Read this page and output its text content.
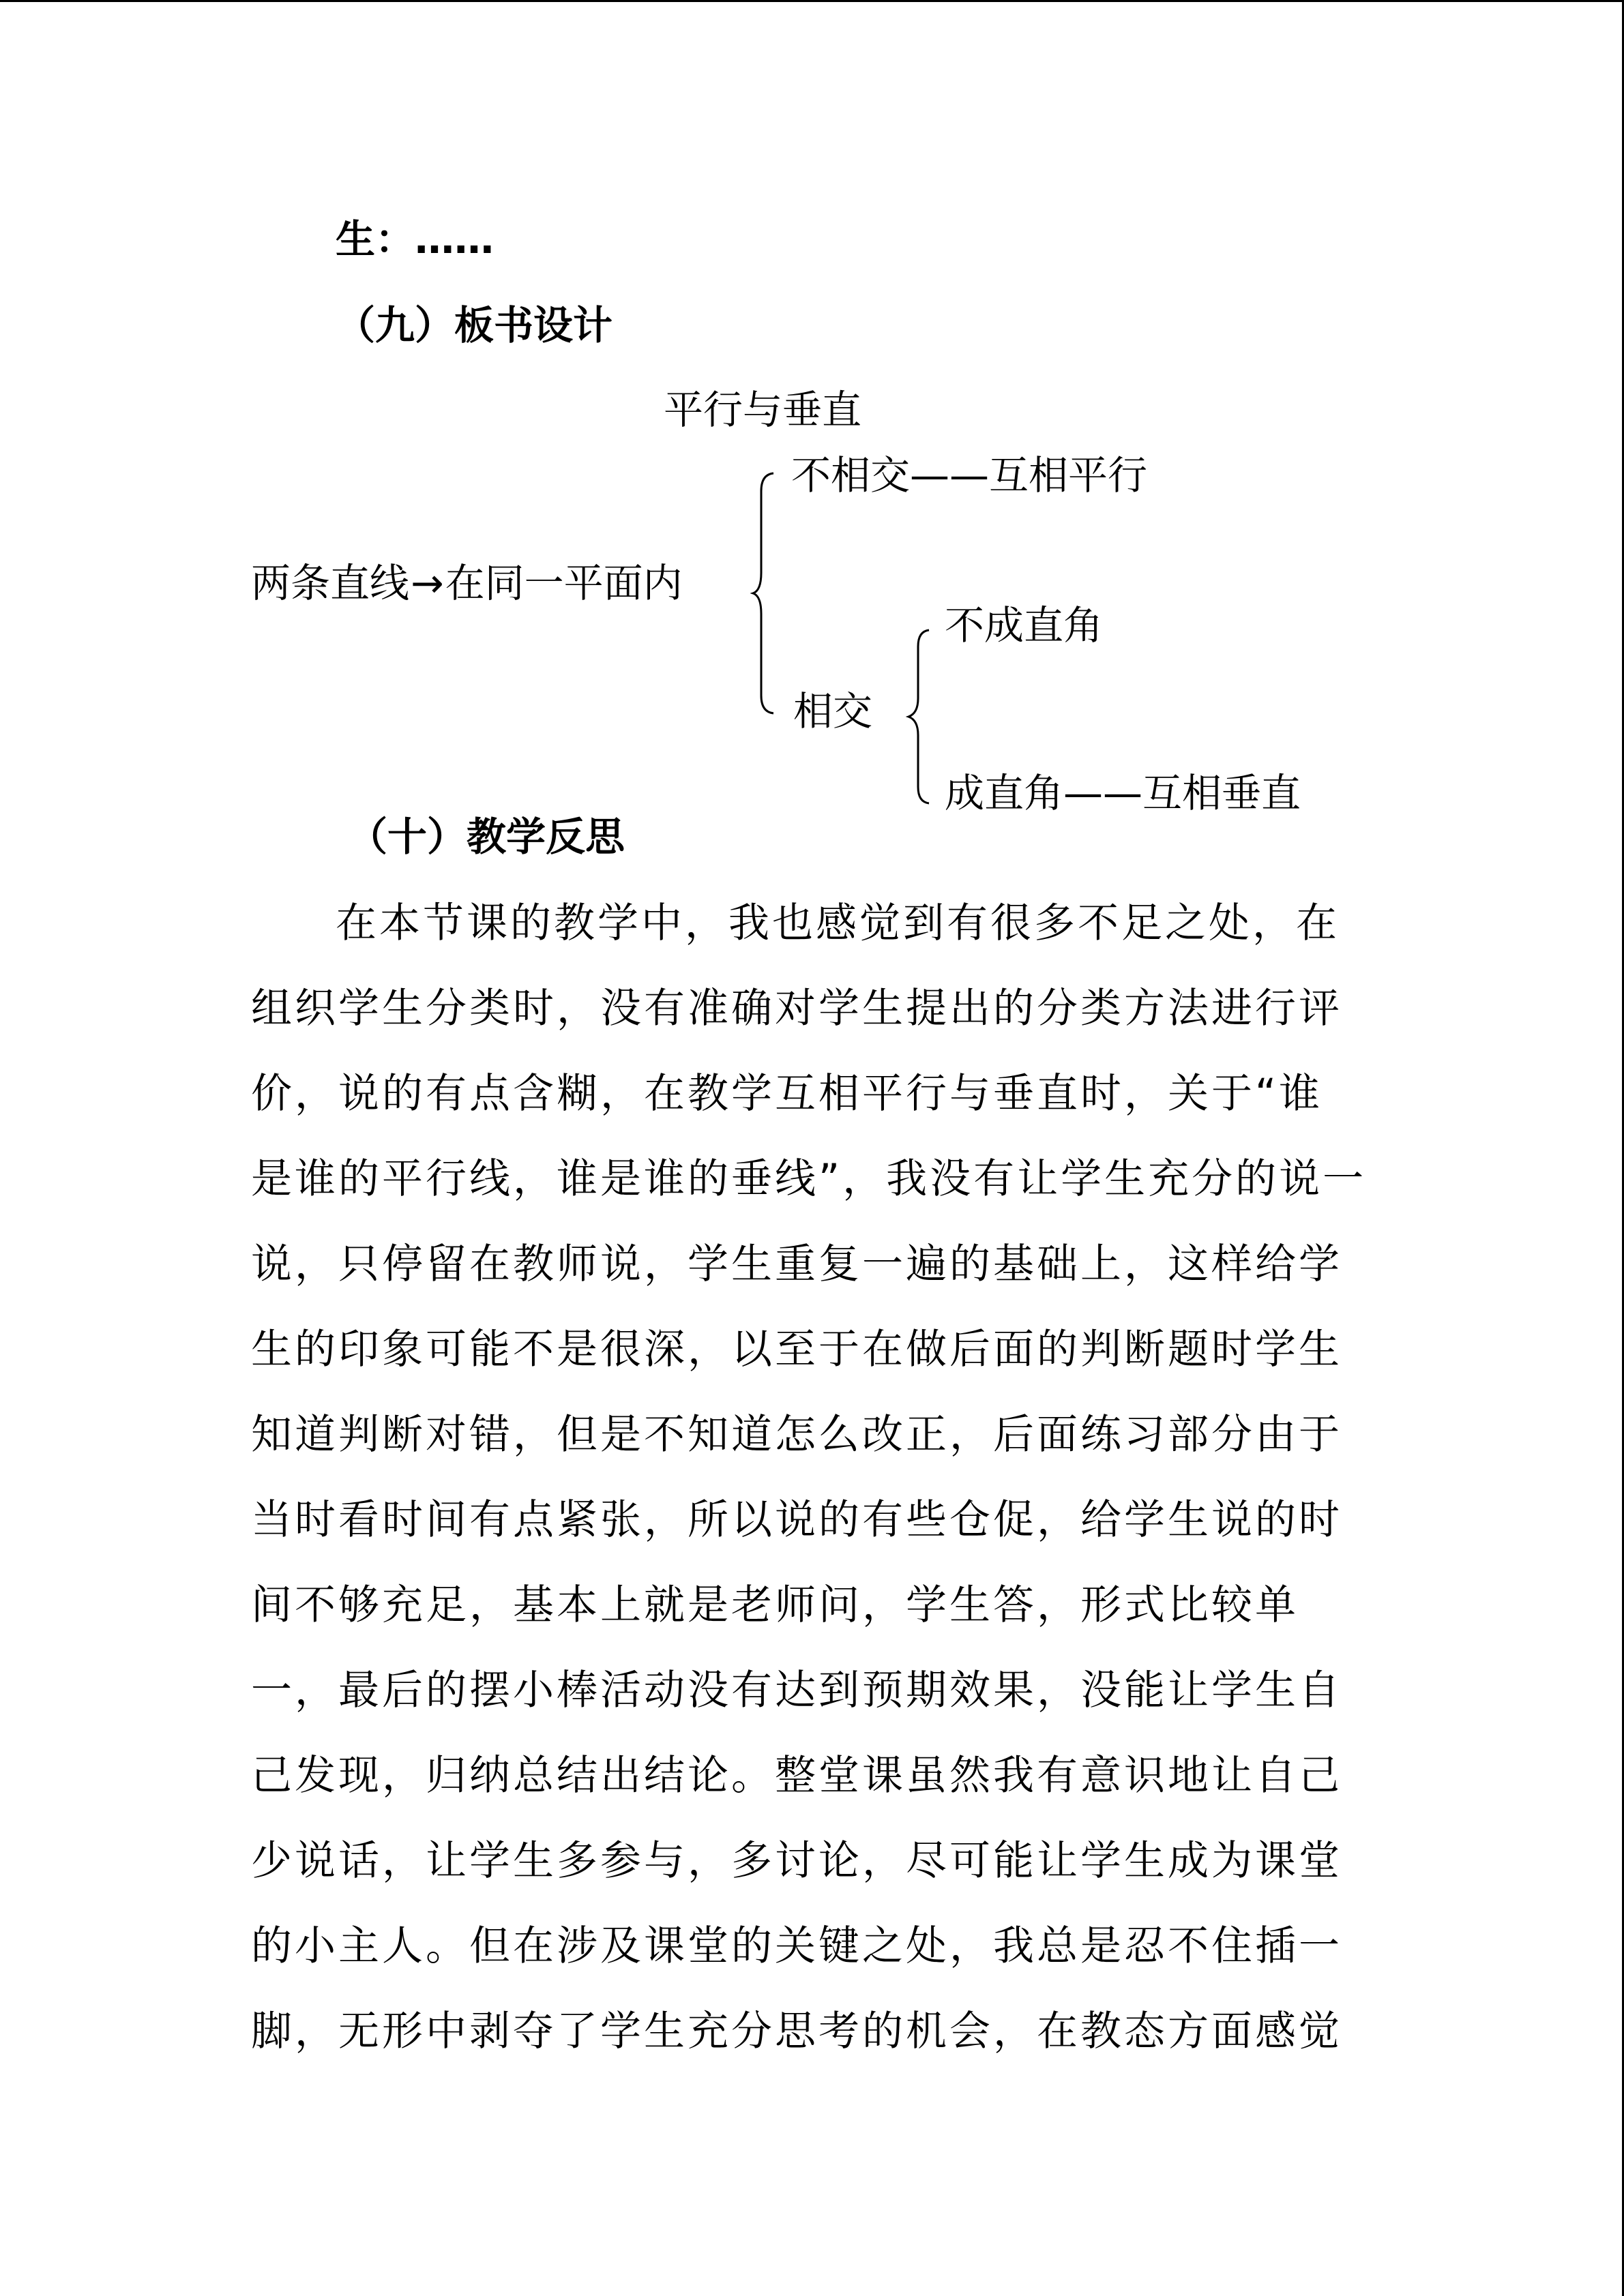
生：……
（九）板书设计
平行与垂直
两条直线→在同一平面内
不相交——互相平行
相交
不成直角
成直角——互相垂直
（十）教学反思
在本节课的教学中，我也感觉到有很多不足之处，在
组织学生分类时，没有准确对学生提出的分类方法进行评
价，说的有点含糊，在教学互相平行与垂直时，关于“谁
是谁的平行线，谁是谁的垂线”，我没有让学生充分的说一
说，只停留在教师说，学生重复一遍的基础上，这样给学
生的印象可能不是很深，以至于在做后面的判断题时学生
知道判断对错，但是不知道怎么改正，后面练习部分由于
当时看时间有点紧张，所以说的有些仓促，给学生说的时
间不够充足，基本上就是老师问，学生答，形式比较单
一，最后的摆小棒活动没有达到预期效果，没能让学生自
己发现，归纳总结出结论。整堂课虽然我有意识地让自己
少说话，让学生多参与，多讨论，尽可能让学生成为课堂
的小主人。但在涉及课堂的关键之处，我总是忍不住插一
脚，无形中剥夺了学生充分思考的机会，在教态方面感觉
